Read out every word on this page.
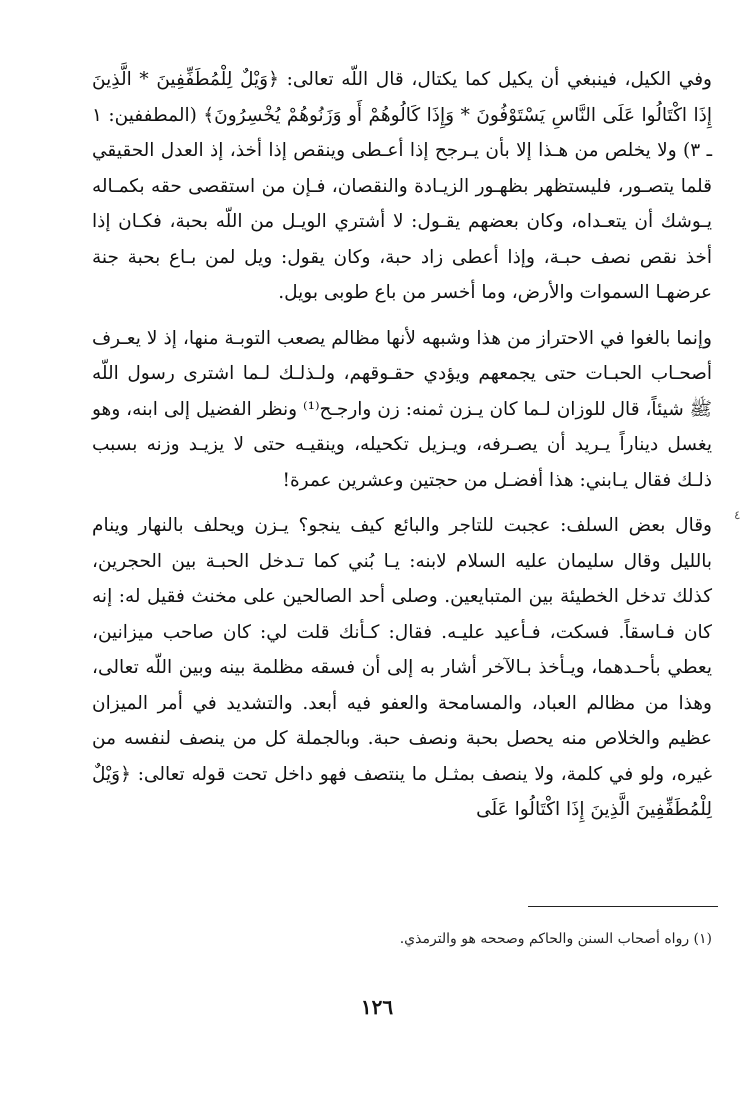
وفي الكيل، فينبغي أن يكيل كما يكتال، قال اللّه تعالى: ﴿وَيْلٌ لِلْمُطَفِّفِينَ * الَّذِينَ إِذَا اكْتَالُوا عَلَى النَّاسِ يَسْتَوْفُونَ * وَإِذَا كَالُوهُمْ أَو وَزَنُوهُمْ يُخْسِرُونَ﴾ (المطففين: ١ ـ ٣) ولا يخلص من هـذا إلا بأن يـرجح إذا أعـطى وينقص إذا أخذ، إذ العدل الحقيقي قلما يتصـور، فليستظهر بظهـور الزيـادة والنقصان، فـإن من استقصى حقه بكمـاله يـوشك أن يتعـداه، وكان بعضهم يقـول: لا أشتري الويـل من اللّه بحبة، فكـان إذا أخذ نقص نصف حبـة، وإذا أعطى زاد حبة، وكان يقول: ويل لمن بـاع بحبة جنة عرضهـا السموات والأرض، وما أخسر من باع طوبى بويل.

وإنما بالغوا في الاحتراز من هذا وشبهه لأنها مظالم يصعب التوبـة منها، إذ لا يعـرف أصحـاب الحبـات حتى يجمعهم ويؤدي حقـوقهم، ولـذلـك لـما اشترى رسول اللّه ﷺ شيئاً، قال للوزان لـما كان يـزن ثمنه: زن وارجـح⁽¹⁾ ونظر الفضيل إلى ابنه، وهو يغسل ديناراً يـريد أن يصـرفه، ويـزيل تكحيله، وينقيـه حتى لا يزيـد وزنه بسبب ذلـك فقال يـابني: هذا أفضـل من حجتين وعشرين عمرة!

وقال بعض السلف: عجبت للتاجر والبائع كيف ينجو؟ يـزن ويحلف بالنهار وينام بالليل وقال سليمان عليه السلام لابنه: يـا بُني كما تـدخل الحبـة بين الحجرين، كذلك تدخل الخطيئة بين المتبايعين. وصلى أحد الصالحين على مخنث فقيل له: إنه كان فـاسقاً. فسكت، فـأعيد عليـه. فقال: كـأنك قلت لي: كان صاحب ميزانين، يعطي بأحـدهما، ويـأخذ بـالآخر أشار به إلى أن فسقه مظلمة بينه وبين اللّه تعالى، وهذا من مظالم العباد، والمسامحة والعفو فيه أبعد. والتشديد في أمر الميزان عظيم والخلاص منه يحصل بحبة ونصف حبة. وبالجملة كل من ينصف لنفسه من غيره، ولو في كلمة، ولا ينصف بمثـل ما ينتصف فهو داخل تحت قوله تعالى: ﴿وَيْلٌ لِلْمُطَفِّفِينَ الَّذِينَ إِذَا اكْتَالُوا عَلَى

٤
(١) رواه أصحاب السنن والحاكم وصححه هو والترمذي.
١٢٦
